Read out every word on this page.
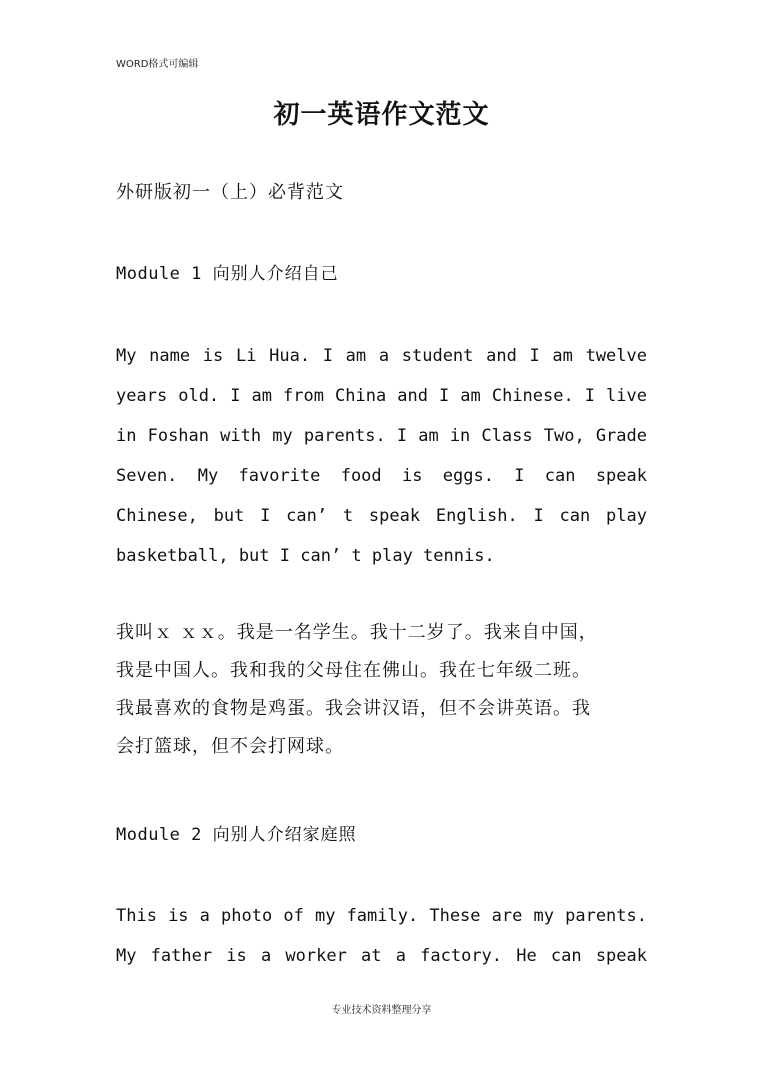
WORD格式可编辑
初一英语作文范文
外研版初一（上）必背范文
Module 1 向别人介绍自己
My name is Li Hua. I am a student and I am twelve
years old. I am from China and I am Chinese. I live
in Foshan with my parents. I am in Class Two, Grade
Seven. My favorite food is eggs. I can speak
Chinese, but I can’ t speak English. I can play
basketball, but I can’ t play tennis.
我叫ｘ ｘｘ。我是一名学生。我十二岁了。我来自中国，
我是中国人。我和我的父母住在佛山。我在七年级二班。
我最喜欢的食物是鸡蛋。我会讲汉语，但不会讲英语。我
会打篮球，但不会打网球。
Module 2 向别人介绍家庭照
This is a photo of my family. These are my parents.
My father is a worker at a factory. He can speak
专业技术资料整理分享
